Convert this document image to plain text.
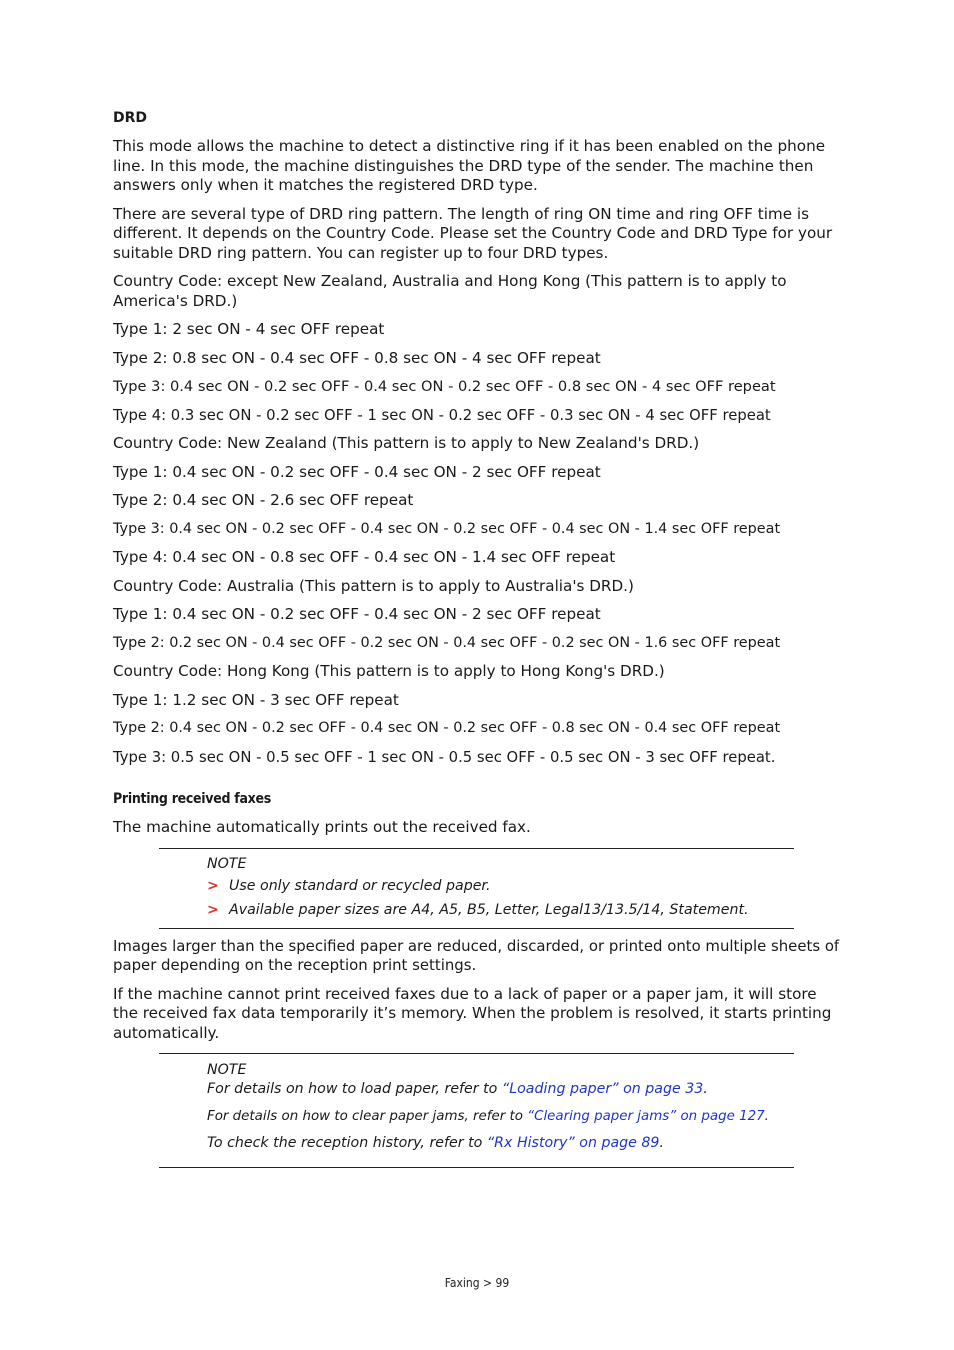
DRD

This mode allows the machine to detect a distinctive ring if it has been enabled on the phone line. In this mode, the machine distinguishes the DRD type of the sender. The machine then answers only when it matches the registered DRD type.

There are several type of DRD ring pattern. The length of ring ON time and ring OFF time is different. It depends on the Country Code. Please set the Country Code and DRD Type for your suitable DRD ring pattern. You can register up to four DRD types.

Country Code: except New Zealand, Australia and Hong Kong (This pattern is to apply to America's DRD.)

Type 1: 2 sec ON - 4 sec OFF repeat

Type 2: 0.8 sec ON - 0.4 sec OFF - 0.8 sec ON - 4 sec OFF repeat

Type 3: 0.4 sec ON - 0.2 sec OFF - 0.4 sec ON - 0.2 sec OFF - 0.8 sec ON - 4 sec OFF repeat

Type 4: 0.3 sec ON - 0.2 sec OFF - 1 sec ON - 0.2 sec OFF - 0.3 sec ON - 4 sec OFF repeat

Country Code: New Zealand (This pattern is to apply to New Zealand's DRD.)

Type 1: 0.4 sec ON - 0.2 sec OFF - 0.4 sec ON - 2 sec OFF repeat

Type 2: 0.4 sec ON - 2.6 sec OFF repeat

Type 3: 0.4 sec ON - 0.2 sec OFF - 0.4 sec ON - 0.2 sec OFF - 0.4 sec ON - 1.4 sec OFF repeat

Type 4: 0.4 sec ON - 0.8 sec OFF - 0.4 sec ON - 1.4 sec OFF repeat

Country Code: Australia (This pattern is to apply to Australia's DRD.)

Type 1: 0.4 sec ON - 0.2 sec OFF - 0.4 sec ON - 2 sec OFF repeat

Type 2: 0.2 sec ON - 0.4 sec OFF - 0.2 sec ON - 0.4 sec OFF - 0.2 sec ON - 1.6 sec OFF repeat

Country Code: Hong Kong (This pattern is to apply to Hong Kong's DRD.)

Type 1: 1.2 sec ON - 3 sec OFF repeat

Type 2: 0.4 sec ON - 0.2 sec OFF - 0.4 sec ON - 0.2 sec OFF - 0.8 sec ON - 0.4 sec OFF repeat

Type 3: 0.5 sec ON - 0.5 sec OFF - 1 sec ON - 0.5 sec OFF - 0.5 sec ON - 3 sec OFF repeat.

Printing received faxes

The machine automatically prints out the received fax.

NOTE

> Use only standard or recycled paper.
> Available paper sizes are A4, A5, B5, Letter, Legal13/13.5/14, Statement.

Images larger than the specified paper are reduced, discarded, or printed onto multiple sheets of paper depending on the reception print settings.

If the machine cannot print received faxes due to a lack of paper or a paper jam, it will store the received fax data temporarily it’s memory. When the problem is resolved, it starts printing automatically.

NOTE

For details on how to load paper, refer to “Loading paper” on page 33.

For details on how to clear paper jams, refer to “Clearing paper jams” on page 127.

To check the reception history, refer to “Rx History” on page 89.

Faxing > 99
